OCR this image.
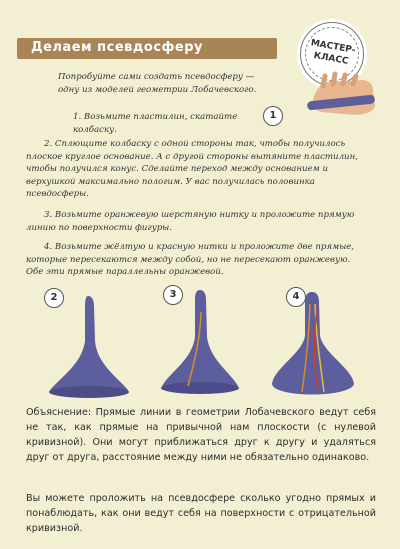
Делаем псевдосферу	МАСТЕР-
КЛАСС
1
Попробуйте сами создать псевдосферу — одну из моделей геометрии Лобачевского.
1. Возьмите пластилин, скатайте колбаску.
2. Сплющите колбаску с одной стороны так, чтобы получилось плоское круглое основание. А с другой стороны вытяните пластилин, чтобы получился конус. Сделайте переход между основанием и верхушкой максимально пологим. У вас получилась половинка псевдосферы.
3. Возьмите оранжевую шерстяную нитку и проложите прямую линию по поверхности фигуры.
4. Возьмите жёлтую и красную нитки и проложите две прямые, которые пересекаются между собой, но не пересекают оранжевую. Обе эти прямые параллельны оранжевой.
2	3	4
Объяснение: Прямые линии в геометрии Лобачевского ведут себя не так, как прямые на привычной нам плоскости (с нулевой кривизной). Они могут приближаться друг к другу и удаляться друг от друга, расстояние между ними не обязательно одинаково.
Вы можете проложить на псевдосфере сколько угодно прямых и понаблюдать, как они ведут себя на поверхности с отрицательной кривизной.
